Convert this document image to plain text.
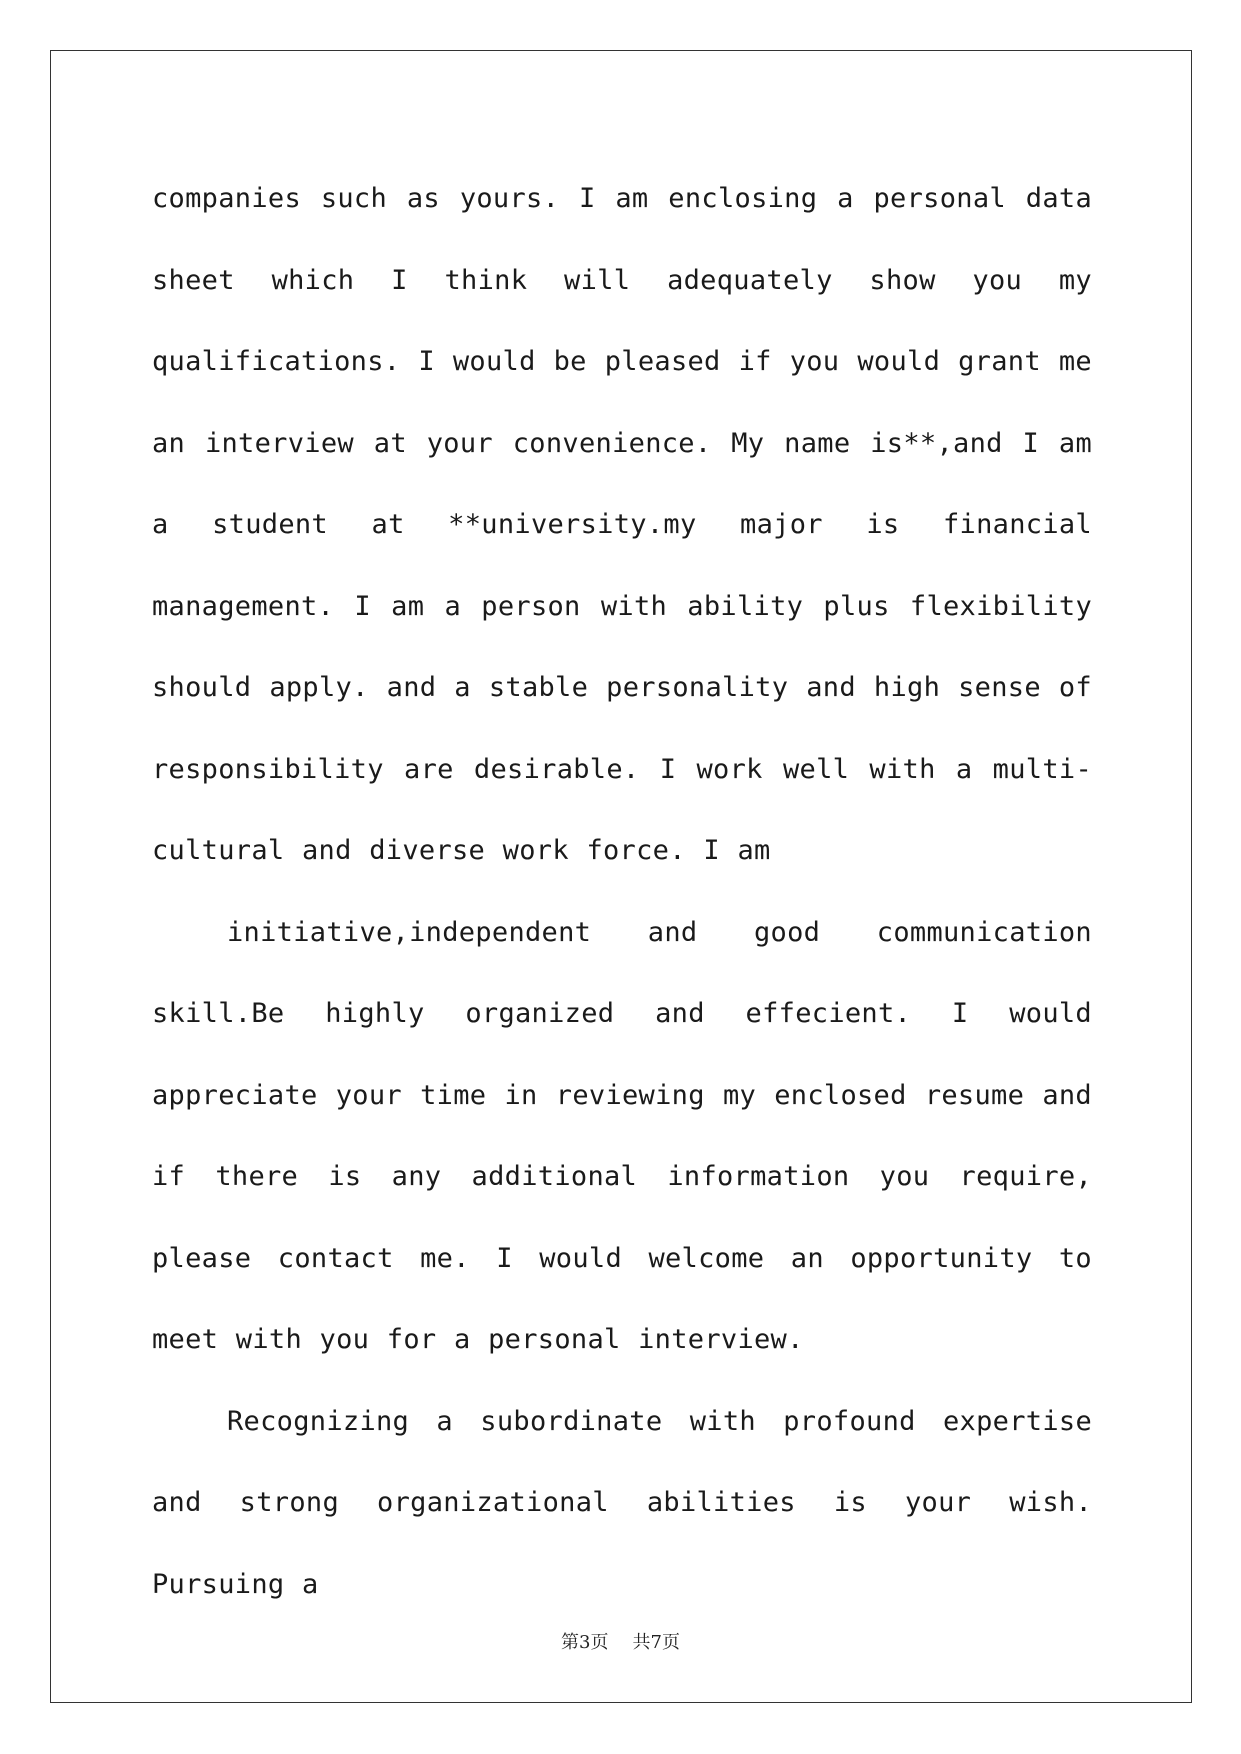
companies such as yours. I am enclosing a personal data sheet which I think will adequately show you my qualifications. I would be pleased if you would grant me an interview at your convenience. My name is**,and I am a student at **university.my major is financial management. I am a person with ability plus flexibility should apply. and a stable personality and high sense of responsibility are desirable. I work well with a multi-cultural and diverse work force. I am

initiative,independent and good communication skill.Be highly organized and effecient. I would appreciate your time in reviewing my enclosed resume and if there is any additional information you require, please contact me. I would welcome an opportunity to meet with you for a personal interview.

Recognizing a subordinate with profound expertise and strong organizational abilities is your wish. Pursuing a

第3页 共7页
